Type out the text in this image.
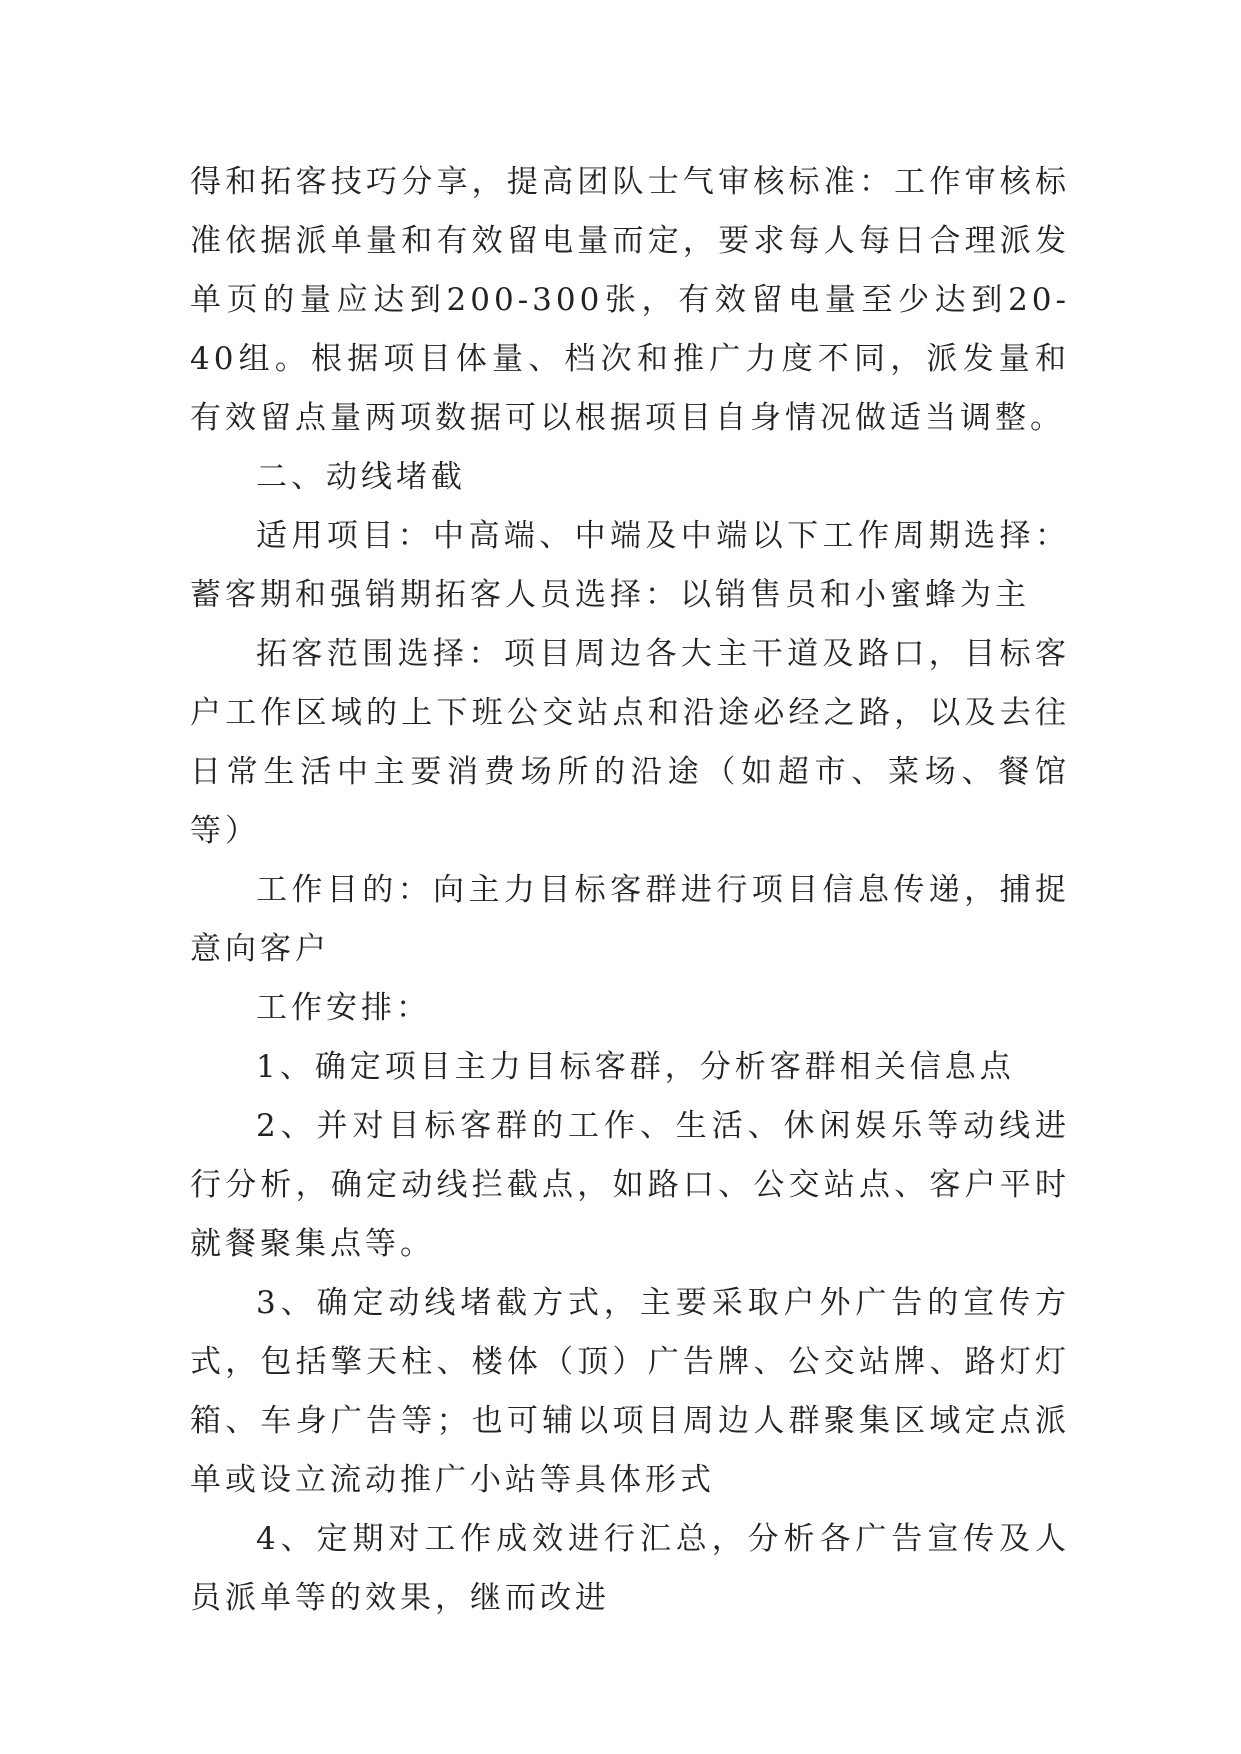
得和拓客技巧分享，提高团队士气审核标准：工作审核标准依据派单量和有效留电量而定，要求每人每日合理派发单页的量应达到200-300张，有效留电量至少达到20-40组。根据项目体量、档次和推广力度不同，派发量和有效留点量两项数据可以根据项目自身情况做适当调整。

二、动线堵截

适用项目：中高端、中端及中端以下工作周期选择：蓄客期和强销期拓客人员选择：以销售员和小蜜蜂为主

拓客范围选择：项目周边各大主干道及路口，目标客户工作区域的上下班公交站点和沿途必经之路，以及去往日常生活中主要消费场所的沿途（如超市、菜场、餐馆等）

工作目的：向主力目标客群进行项目信息传递，捕捉意向客户

工作安排：

1、确定项目主力目标客群，分析客群相关信息点

2、并对目标客群的工作、生活、休闲娱乐等动线进行分析，确定动线拦截点，如路口、公交站点、客户平时就餐聚集点等。

3、确定动线堵截方式，主要采取户外广告的宣传方式，包括擎天柱、楼体（顶）广告牌、公交站牌、路灯灯箱、车身广告等；也可辅以项目周边人群聚集区域定点派单或设立流动推广小站等具体形式

4、定期对工作成效进行汇总，分析各广告宣传及人员派单等的效果，继而改进
